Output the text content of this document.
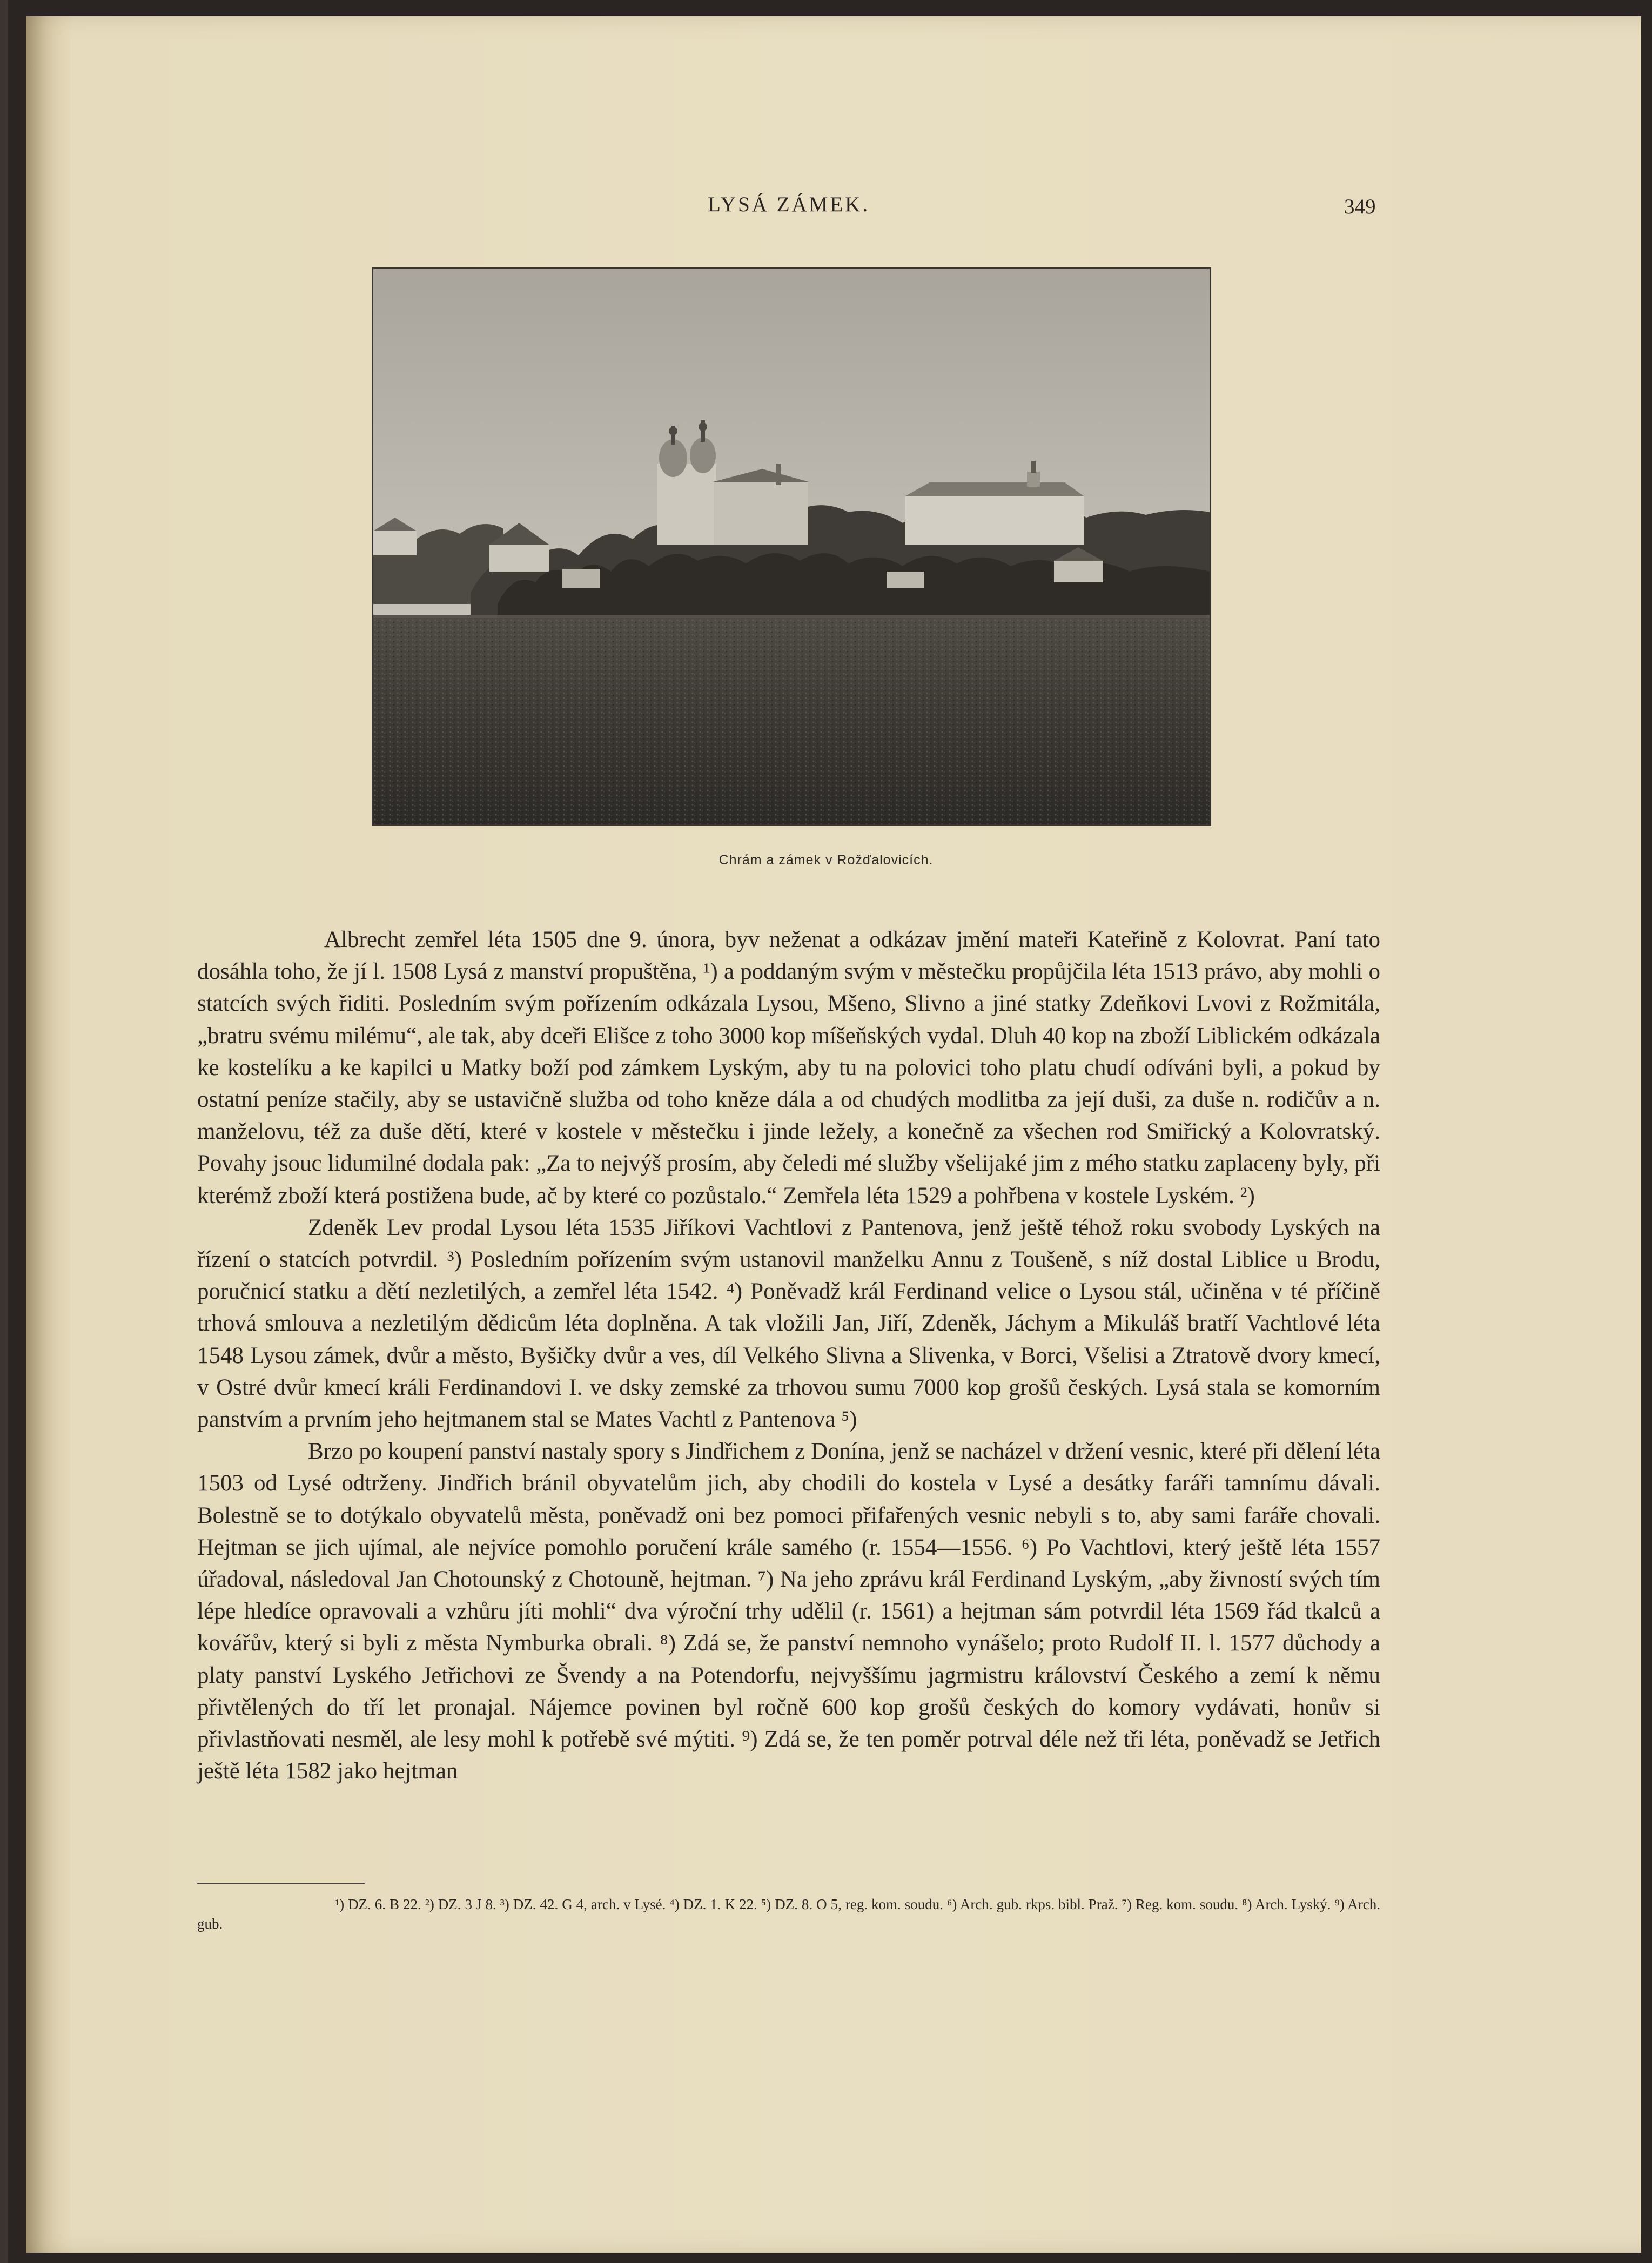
LYSÁ ZÁMEK.	349
Chrám a zámek v Rožďalovicích.

Albrecht zemřel léta 1505 dne 9. února, byv neženat a odkázav jmění mateři Kateřině z Kolovrat. Paní tato dosáhla toho, že jí l. 1508 Lysá z manství propuštěna, ¹) a poddaným svým v městečku propůjčila léta 1513 právo, aby mohli o statcích svých řiditi. Posledním svým pořízením odkázala Lysou, Mšeno, Slivno a jiné statky Zdeňkovi Lvovi z Rožmitála, „bratru svému milému“, ale tak, aby dceři Elišce z toho 3000 kop míšeňských vydal. Dluh 40 kop na zboží Liblickém odkázala ke kostelíku a ke kapilci u Matky boží pod zámkem Lyským, aby tu na polovici toho platu chudí odíváni byli, a pokud by ostatní peníze stačily, aby se ustavičně služba od toho kněze dála a od chudých modlitba za její duši, za duše n. rodičův a n. manželovu, též za duše dětí, které v kostele v městečku i jinde ležely, a konečně za všechen rod Smiřický a Kolovratský. Povahy jsouc lidumilné dodala pak: „Za to nejvýš prosím, aby čeledi mé služby všelijaké jim z mého statku zaplaceny byly, při kterémž zboží která postižena bude, ač by které co pozůstalo.“ Zemřela léta 1529 a pohřbena v kostele Lyském. ²)

Zdeněk Lev prodal Lysou léta 1535 Jiříkovi Vachtlovi z Pantenova, jenž ještě téhož roku svobody Lyských na řízení o statcích potvrdil. ³) Posledním pořízením svým ustanovil manželku Annu z Toušeně, s níž dostal Liblice u Brodu, poručnicí statku a dětí nezletilých, a zemřel léta 1542. ⁴) Poněvadž král Ferdinand velice o Lysou stál, učiněna v té příčině trhová smlouva a nezletilým dědicům léta doplněna. A tak vložili Jan, Jiří, Zdeněk, Jáchym a Mikuláš bratří Vachtlové léta 1548 Lysou zámek, dvůr a město, Byšičky dvůr a ves, díl Velkého Slivna a Slivenka, v Borci, Všelisi a Ztratově dvory kmecí, v Ostré dvůr kmecí králi Ferdinandovi I. ve dsky zemské za trhovou sumu 7000 kop grošů českých. Lysá stala se komorním panstvím a prvním jeho hejtmanem stal se Mates Vachtl z Pantenova ⁵)

Brzo po koupení panství nastaly spory s Jindřichem z Donína, jenž se nacházel v držení vesnic, které při dělení léta 1503 od Lysé odtrženy. Jindřich bránil obyvatelům jich, aby chodili do kostela v Lysé a desátky faráři tamnímu dávali. Bolestně se to dotýkalo obyvatelů města, poněvadž oni bez pomoci přifařených vesnic nebyli s to, aby sami faráře chovali. Hejtman se jich ujímal, ale nejvíce pomohlo poručení krále samého (r. 1554—1556. ⁶) Po Vachtlovi, který ještě léta 1557 úřadoval, následoval Jan Chotounský z Chotouně, hejtman. ⁷) Na jeho zprávu král Ferdinand Lyským, „aby živností svých tím lépe hledíce opravovali a vzhůru jíti mohli“ dva výroční trhy udělil (r. 1561) a hejtman sám potvrdil léta 1569 řád tkalců a kovářův, který si byli z města Nymburka obrali. ⁸) Zdá se, že panství nemnoho vynášelo; proto Rudolf II. l. 1577 důchody a platy panství Lyského Jetřichovi ze Švendy a na Potendorfu, nejvyššímu jagrmistru království Českého a zemí k němu přivtělených do tří let pronajal. Nájemce povinen byl ročně 600 kop grošů českých do komory vydávati, honův si přivlastňovati nesměl, ale lesy mohl k potřebě své mýtiti. ⁹) Zdá se, že ten poměr potrval déle než tři léta, poněvadž se Jetřich ještě léta 1582 jako hejtman

¹) DZ. 6. B 22. ²) DZ. 3 J 8. ³) DZ. 42. G 4, arch. v Lysé. ⁴) DZ. 1. K 22. ⁵) DZ. 8. O 5, reg. kom. soudu. ⁶) Arch. gub. rkps. bibl. Praž. ⁷) Reg. kom. soudu. ⁸) Arch. Lyský. ⁹) Arch. gub.
